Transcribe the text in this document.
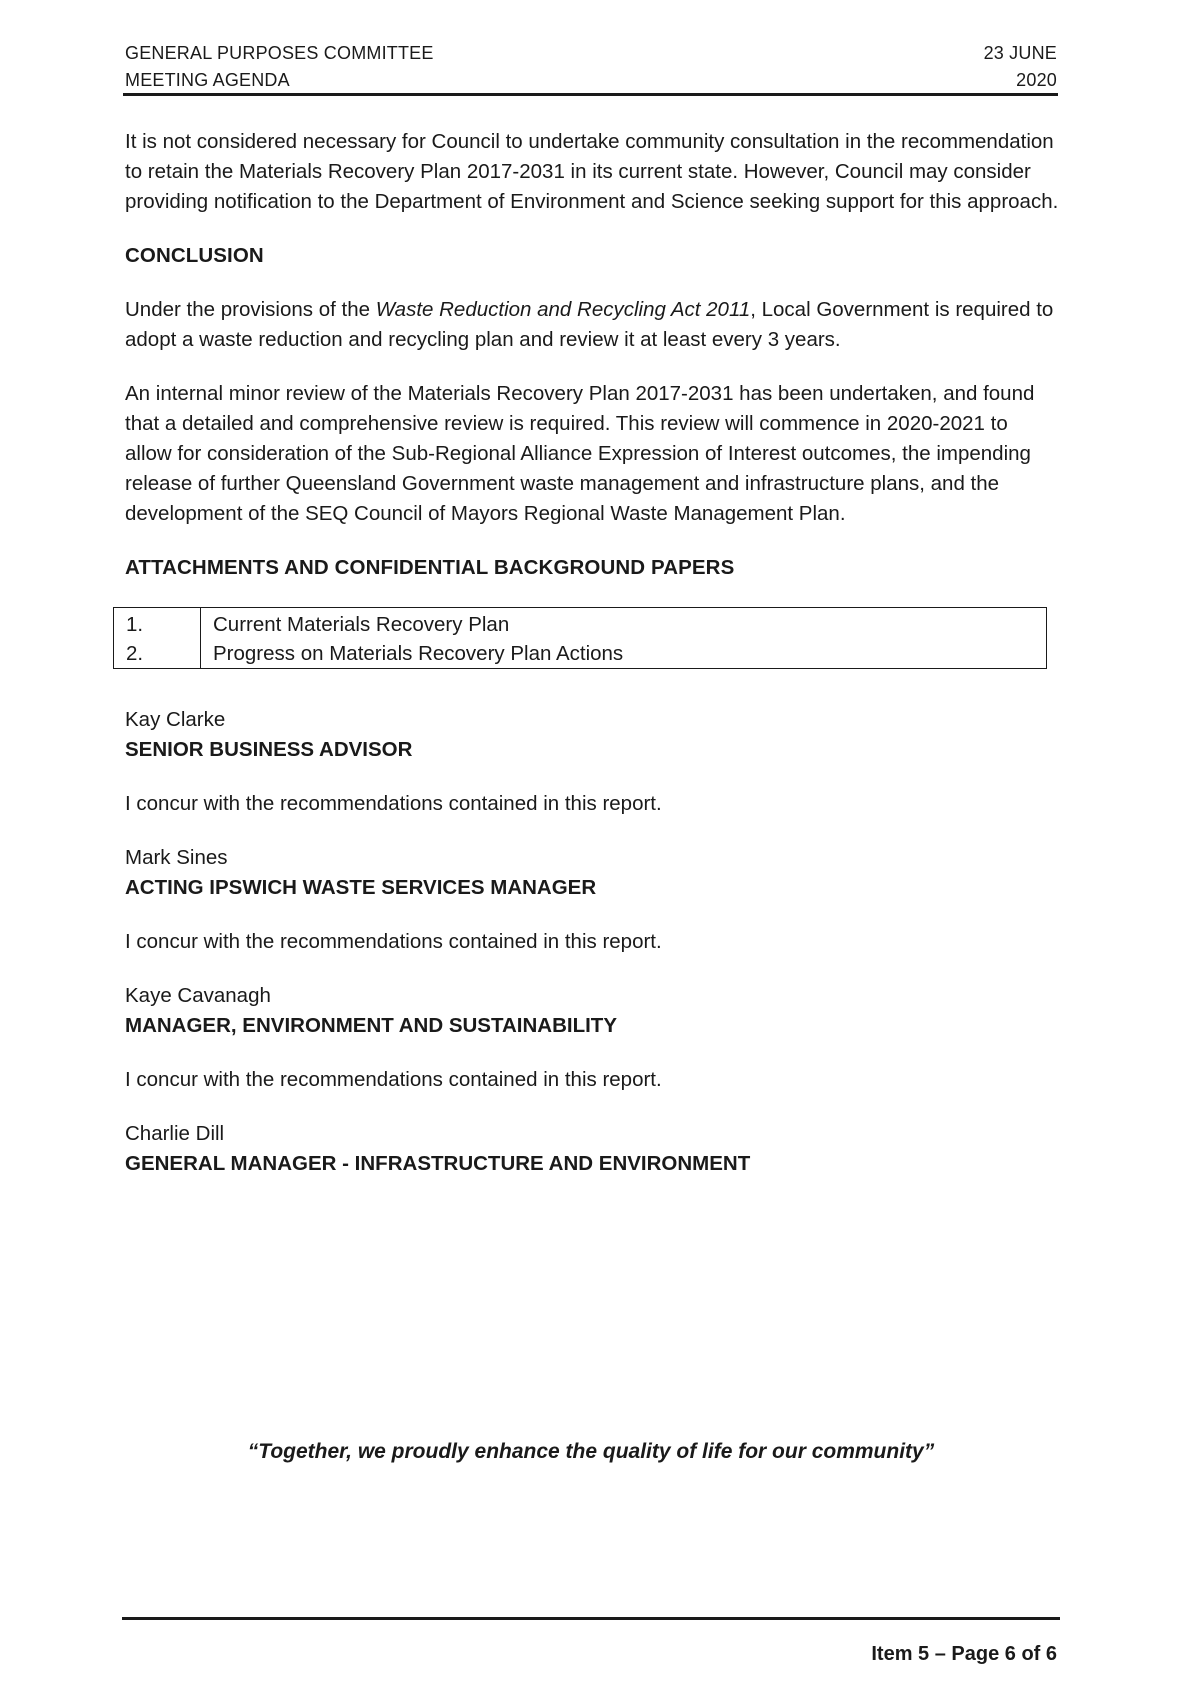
GENERAL PURPOSES COMMITTEE
MEETING AGENDA
23 JUNE
2020

It is not considered necessary for Council to undertake community consultation in the recommendation to retain the Materials Recovery Plan 2017-2031 in its current state. However, Council may consider providing notification to the Department of Environment and Science seeking support for this approach.

CONCLUSION

Under the provisions of the Waste Reduction and Recycling Act 2011, Local Government is required to adopt a waste reduction and recycling plan and review it at least every 3 years.

An internal minor review of the Materials Recovery Plan 2017-2031 has been undertaken, and found that a detailed and comprehensive review is required. This review will commence in 2020-2021 to allow for consideration of the Sub-Regional Alliance Expression of Interest outcomes, the impending release of further Queensland Government waste management and infrastructure plans, and the development of the SEQ Council of Mayors Regional Waste Management Plan.

ATTACHMENTS AND CONFIDENTIAL BACKGROUND PAPERS
1.	Current Materials Recovery Plan
2.	Progress on Materials Recovery Plan Actions

Kay Clarke

SENIOR BUSINESS ADVISOR

I concur with the recommendations contained in this report.

Mark Sines

ACTING IPSWICH WASTE SERVICES MANAGER

I concur with the recommendations contained in this report.

Kaye Cavanagh

MANAGER, ENVIRONMENT AND SUSTAINABILITY

I concur with the recommendations contained in this report.

Charlie Dill

GENERAL MANAGER - INFRASTRUCTURE AND ENVIRONMENT

“Together, we proudly enhance the quality of life for our community”
Item 5 – Page 6 of 6
